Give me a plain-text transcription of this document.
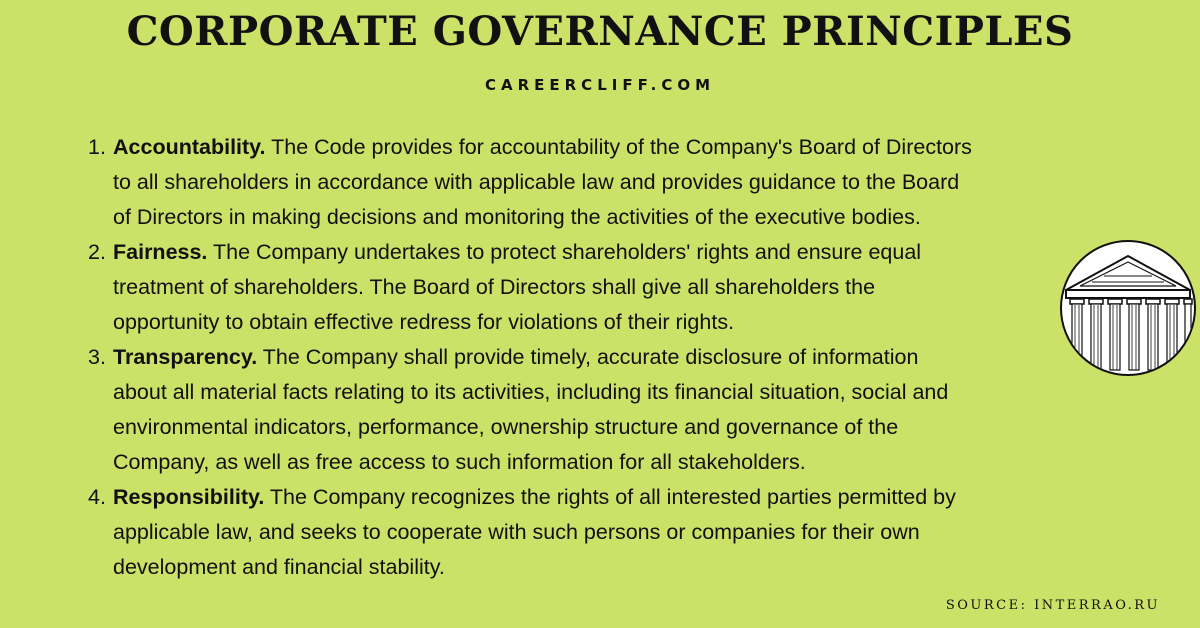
CORPORATE GOVERNANCE PRINCIPLES
CAREERCLIFF.COM
1. Accountability. The Code provides for accountability of the Company's Board of Directors
to all shareholders in accordance with applicable law and provides guidance to the Board
of Directors in making decisions and monitoring the activities of the executive bodies.
2. Fairness. The Company undertakes to protect shareholders' rights and ensure equal
treatment of shareholders. The Board of Directors shall give all shareholders the
opportunity to obtain effective redress for violations of their rights.
3. Transparency. The Company shall provide timely, accurate disclosure of information
about all material facts relating to its activities, including its financial situation, social and
environmental indicators, performance, ownership structure and governance of the
Company, as well as free access to such information for all stakeholders.
4. Responsibility. The Company recognizes the rights of all interested parties permitted by
applicable law, and seeks to cooperate with such persons or companies for their own
development and financial stability.
SOURCE: INTERRAO.RU
